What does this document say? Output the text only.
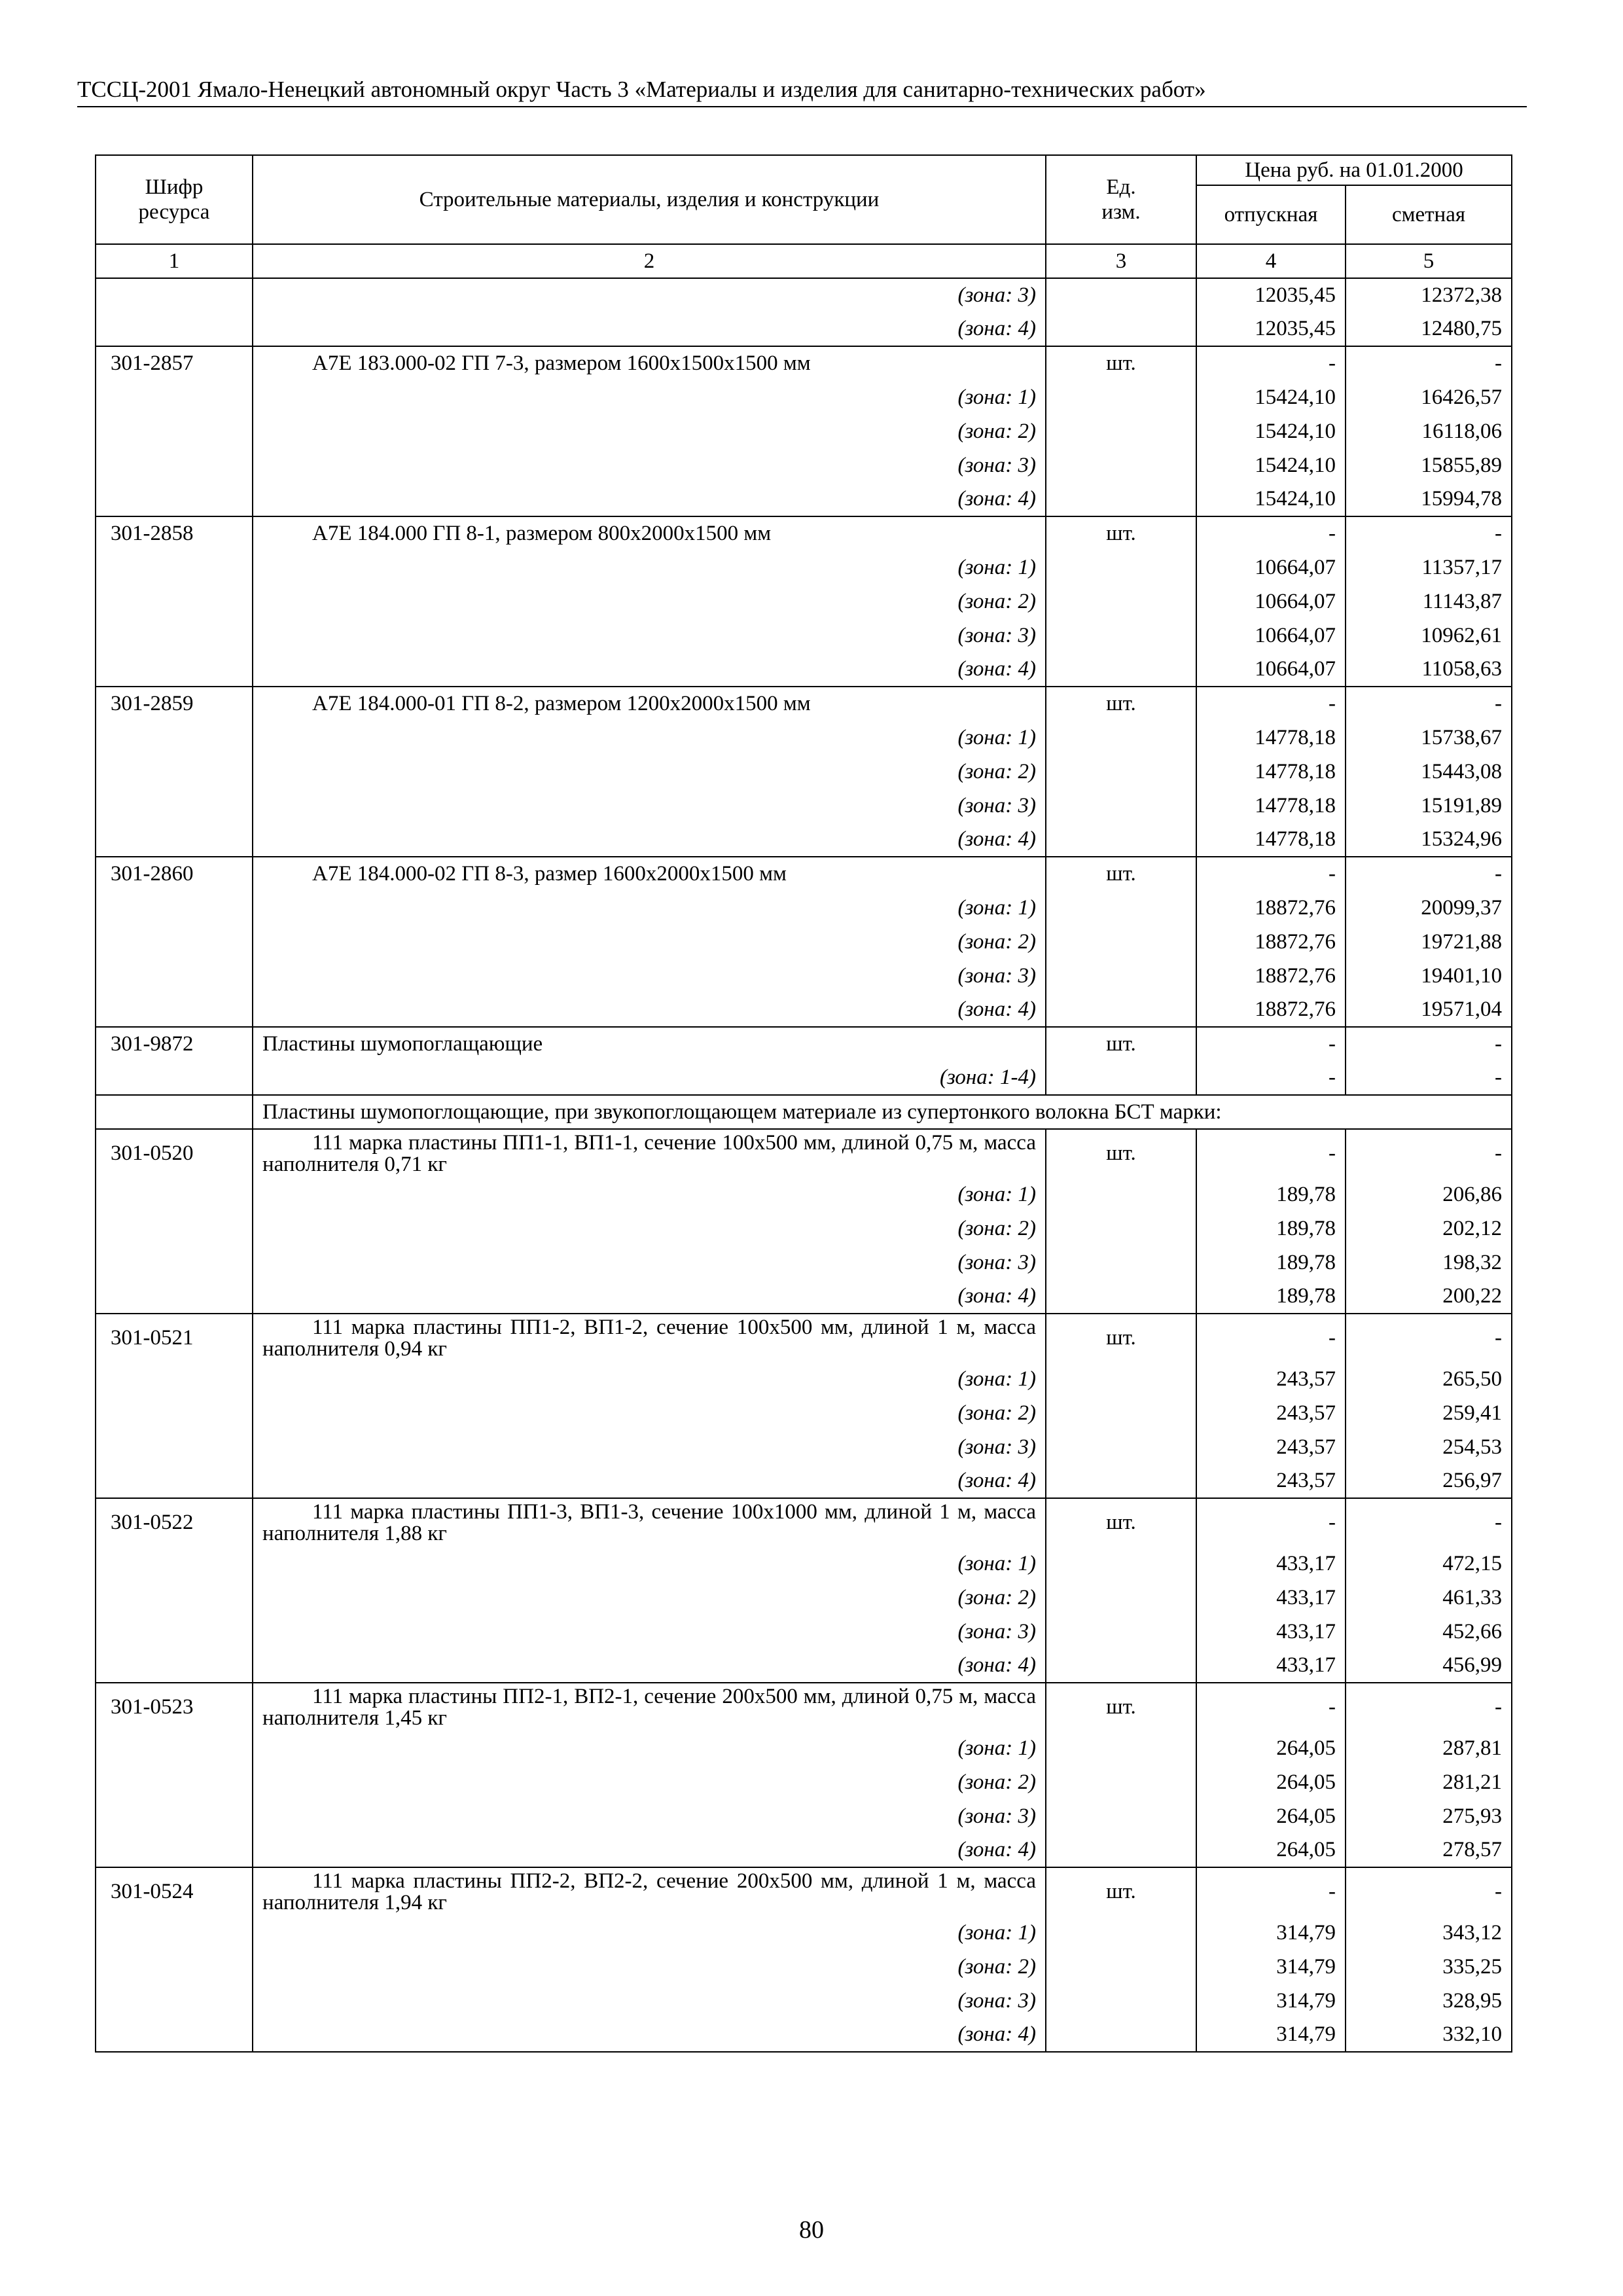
ТССЦ-2001 Ямало-Ненецкий автономный округ Часть 3 «Материалы и изделия для санитарно-технических работ»
Шифр ресурса	Строительные материалы, изделия и конструкции	Ед. изм.	Цена руб. на 01.01.2000	
			отпускная	сметная
1	2	3	4	5
	(зона: 3)		12035,45	12372,38
	(зона: 4)		12035,45	12480,75
301-2857	А7Е 183.000-02 ГП 7-3, размером 1600х1500х1500 мм	шт.	-	-
	(зона: 1)		15424,10	16426,57
	(зона: 2)		15424,10	16118,06
	(зона: 3)		15424,10	15855,89
	(зона: 4)		15424,10	15994,78
301-2858	А7Е 184.000 ГП 8-1, размером 800х2000х1500 мм	шт.	-	-
	(зона: 1)		10664,07	11357,17
	(зона: 2)		10664,07	11143,87
	(зона: 3)		10664,07	10962,61
	(зона: 4)		10664,07	11058,63
301-2859	А7Е 184.000-01 ГП 8-2, размером 1200х2000х1500 мм	шт.	-	-
	(зона: 1)		14778,18	15738,67
	(зона: 2)		14778,18	15443,08
	(зона: 3)		14778,18	15191,89
	(зона: 4)		14778,18	15324,96
301-2860	А7Е 184.000-02 ГП 8-3, размер 1600х2000х1500 мм	шт.	-	-
	(зона: 1)		18872,76	20099,37
	(зона: 2)		18872,76	19721,88
	(зона: 3)		18872,76	19401,10
	(зона: 4)		18872,76	19571,04
301-9872	Пластины шумопоглащающие	шт.	-	-
	(зона: 1-4)		-	-
	Пластины шумопоглощающие, при звукопоглощающем материале из супертонкого волокна БСТ марки:			
301-0520	111 марка пластины ПП1-1, ВП1-1, сечение 100х500 мм, длиной 0,75 м, масса наполнителя 0,71 кг	шт.	-	-
	(зона: 1)		189,78	206,86
	(зона: 2)		189,78	202,12
	(зона: 3)		189,78	198,32
	(зона: 4)		189,78	200,22
301-0521	111 марка пластины ПП1-2, ВП1-2, сечение 100х500 мм, длиной 1 м, масса наполнителя 0,94 кг	шт.	-	-
	(зона: 1)		243,57	265,50
	(зона: 2)		243,57	259,41
	(зона: 3)		243,57	254,53
	(зона: 4)		243,57	256,97
301-0522	111 марка пластины ПП1-3, ВП1-3, сечение 100х1000 мм, длиной 1 м, масса наполнителя 1,88 кг	шт.	-	-
	(зона: 1)		433,17	472,15
	(зона: 2)		433,17	461,33
	(зона: 3)		433,17	452,66
	(зона: 4)		433,17	456,99
301-0523	111 марка пластины ПП2-1, ВП2-1, сечение 200х500 мм, длиной 0,75 м, масса наполнителя 1,45 кг	шт.	-	-
	(зона: 1)		264,05	287,81
	(зона: 2)		264,05	281,21
	(зона: 3)		264,05	275,93
	(зона: 4)		264,05	278,57
301-0524	111 марка пластины ПП2-2, ВП2-2, сечение 200х500 мм, длиной 1 м, масса наполнителя 1,94 кг	шт.	-	-
	(зона: 1)		314,79	343,12
	(зона: 2)		314,79	335,25
	(зона: 3)		314,79	328,95
	(зона: 4)		314,79	332,10
80
